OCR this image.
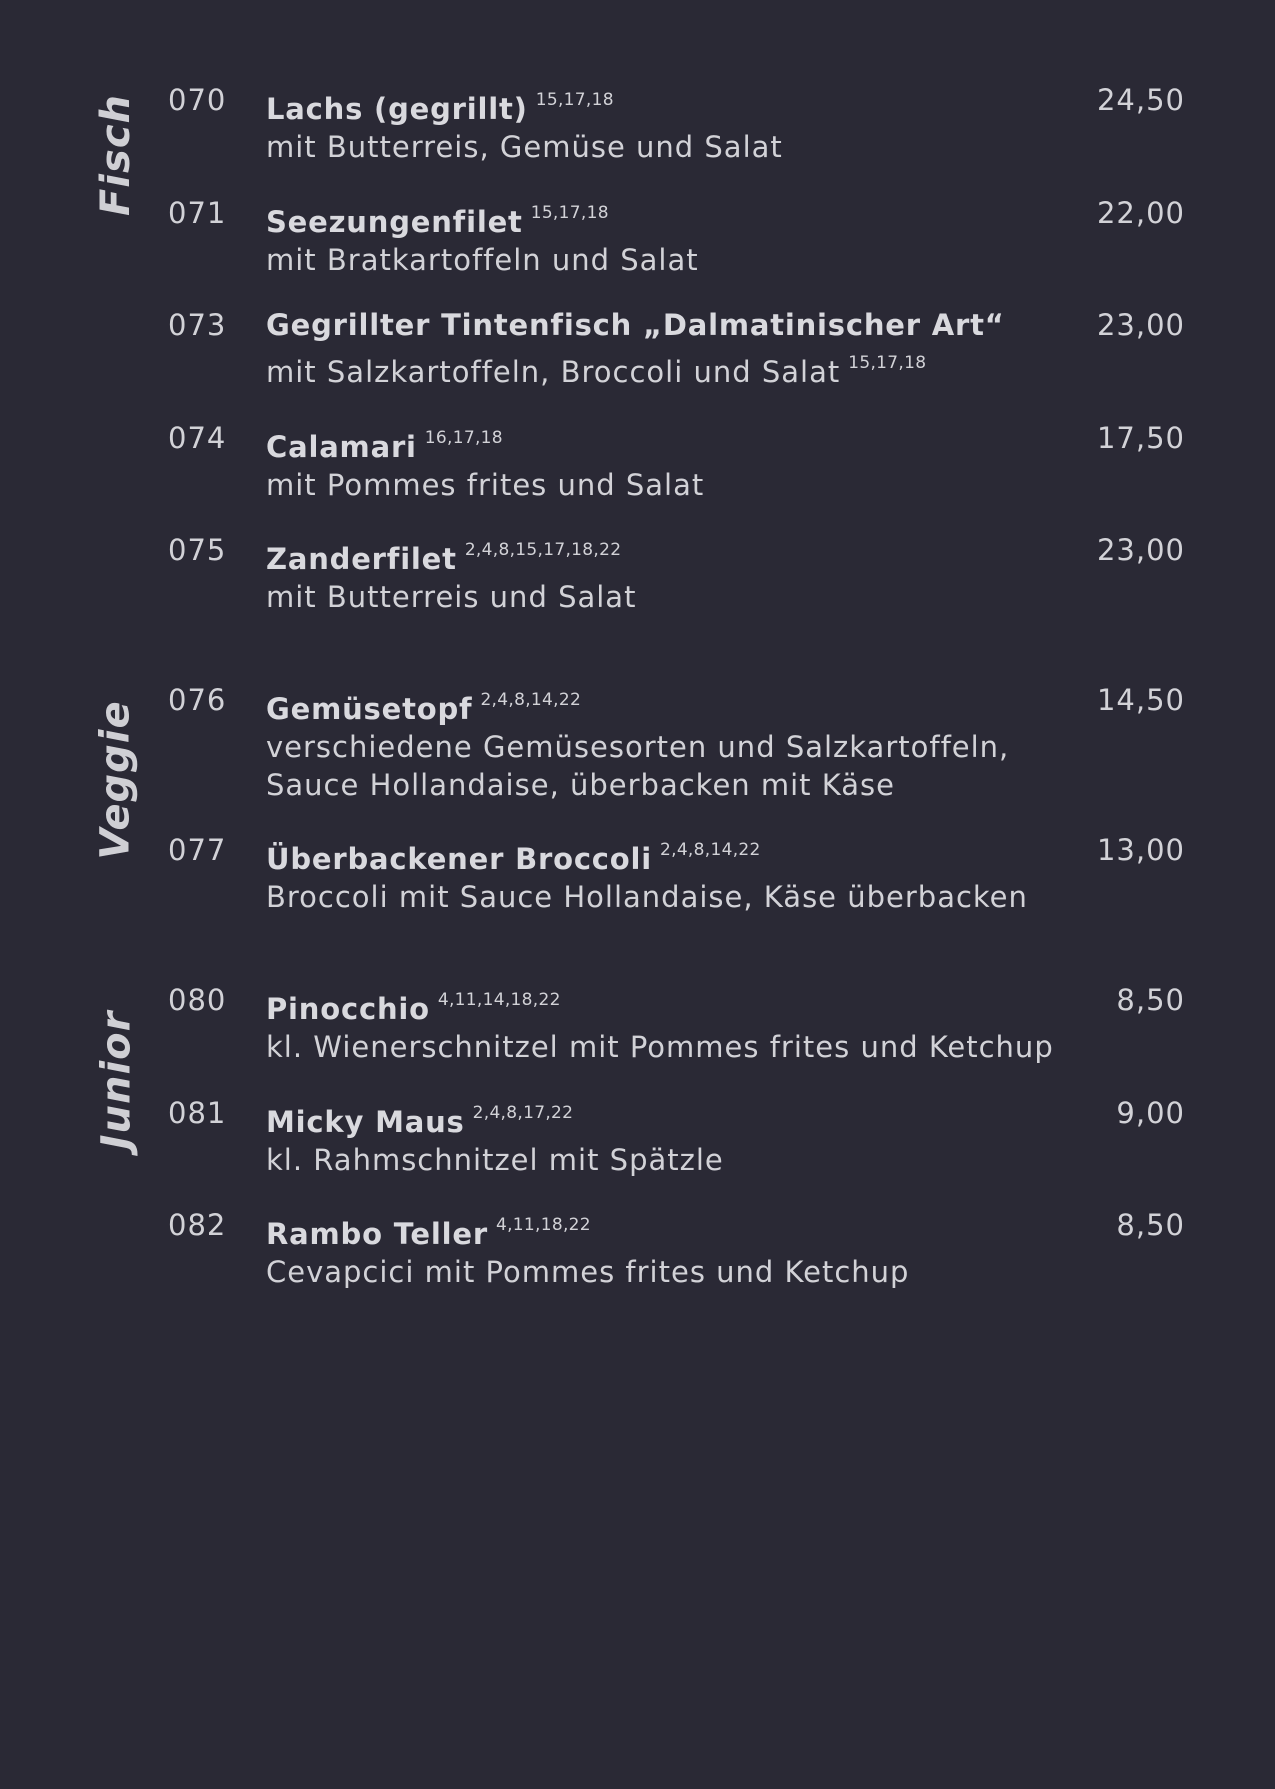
Fisch
Veggie
Junior
070 Lachs (gegrillt) $^{15,17,18}$
mit Butterreis, Gemüse und Salat
24,50
071 Seezungenfilet $^{15,17,18}$
mit Bratkartoffeln und Salat
22,00
073 Gegrillter Tintenfisch „Dalmatinischer Art“
mit Salzkartoffeln, Broccoli und Salat $^{15,17,18}$
23,00
074 Calamari $^{16,17,18}$
mit Pommes frites und Salat
17,50
075 Zanderfilet $^{2,4,8,15,17,18,22}$
mit Butterreis und Salat
23,00
076 Gemüsetopf $^{2,4,8,14,22}$
verschiedene Gemüsesorten und Salzkartoffeln,
Sauce Hollandaise, überbacken mit Käse
14,50
077 Überbackener Broccoli $^{2,4,8,14,22}$
Broccoli mit Sauce Hollandaise, Käse überbacken
13,00
080 Pinocchio $^{4,11,14,18,22}$
kl. Wienerschnitzel mit Pommes frites und Ketchup
8,50
081 Micky Maus $^{2,4,8,17,22}$
kl. Rahmschnitzel mit Spätzle
9,00
082 Rambo Teller $^{4,11,18,22}$
Cevapcici mit Pommes frites und Ketchup
8,50
